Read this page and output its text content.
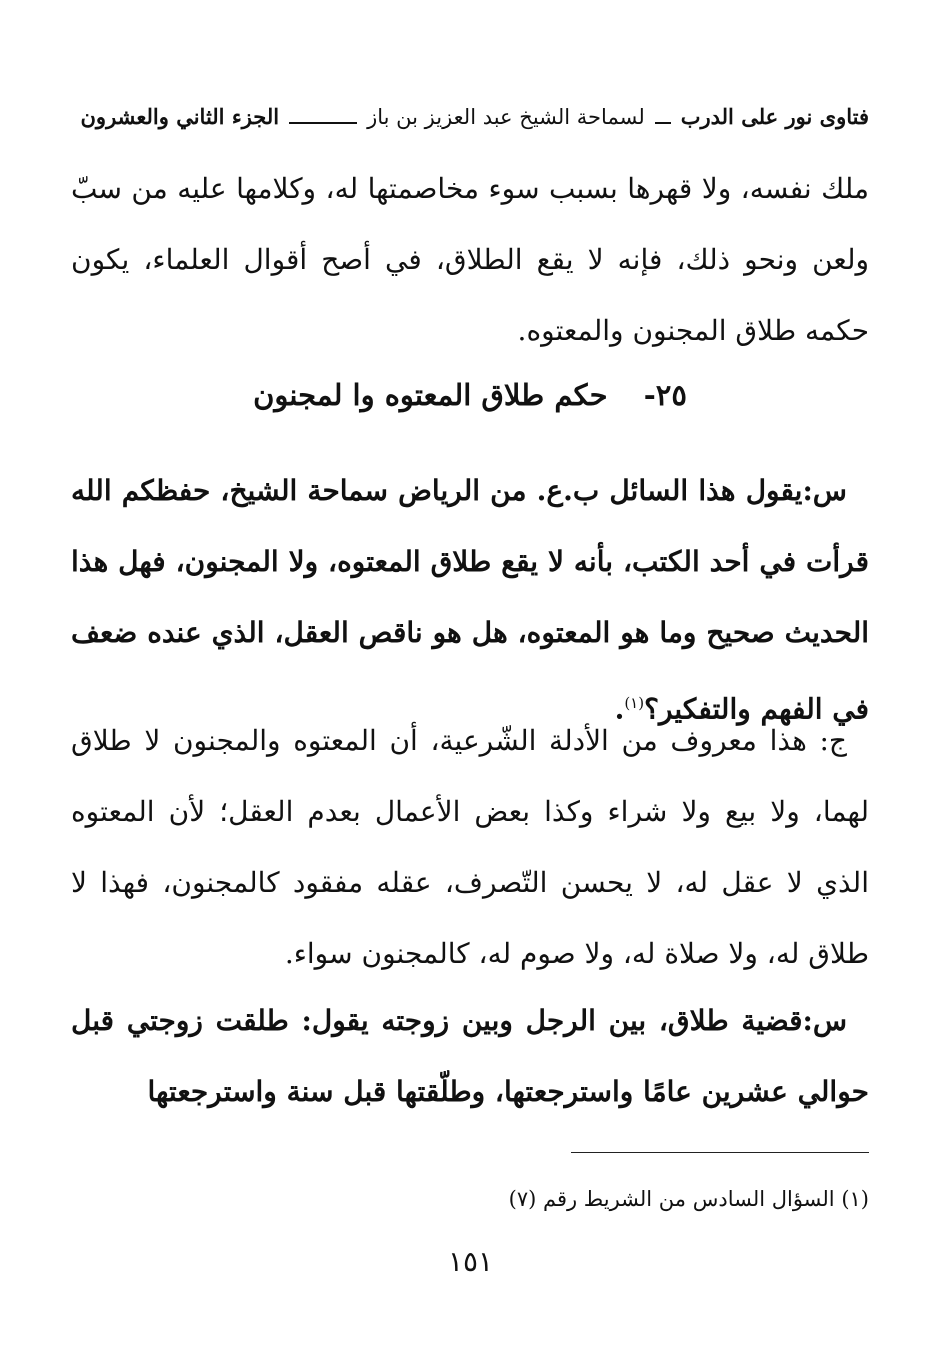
فتاوى نور على الدرب
لسماحة الشيخ عبد العزيز بن باز
الجزء الثاني والعشرون

ملك نفسه، ولا قهرها بسبب سوء مخاصمتها له، وكلامها عليه من سبّ ولعن ونحو ذلك، فإنه لا يقع الطلاق، في أصح أقوال العلماء، يكون حكمه طلاق المجنون والمعتوه.

٢٥- حكم طلاق المعتوه وا لمجنون

س:يقول هذا السائل ب.ع. من الرياض سماحة الشيخ، حفظكم الله قرأت في أحد الكتب، بأنه لا يقع طلاق المعتوه، ولا المجنون، فهل هذا الحديث صحيح وما هو المعتوه، هل هو ناقص العقل، الذي عنده ضعف في الفهم والتفكير؟$^{(١)}$.

ج: هذا معروف من الأدلة الشّرعية، أن المعتوه والمجنون لا طلاق لهما، ولا بيع ولا شراء وكذا بعض الأعمال بعدم العقل؛ لأن المعتوه الذي لا عقل له، لا يحسن التّصرف، عقله مفقود كالمجنون، فهذا لا طلاق له، ولا صلاة له، ولا صوم له، كالمجنون سواء.

س:قضية طلاق، بين الرجل وبين زوجته يقول: طلقت زوجتي قبل حوالي عشرين عامًا واسترجعتها، وطلّقتها قبل سنة واسترجعتها

(١) السؤال السادس من الشريط رقم (٧)

١٥١
